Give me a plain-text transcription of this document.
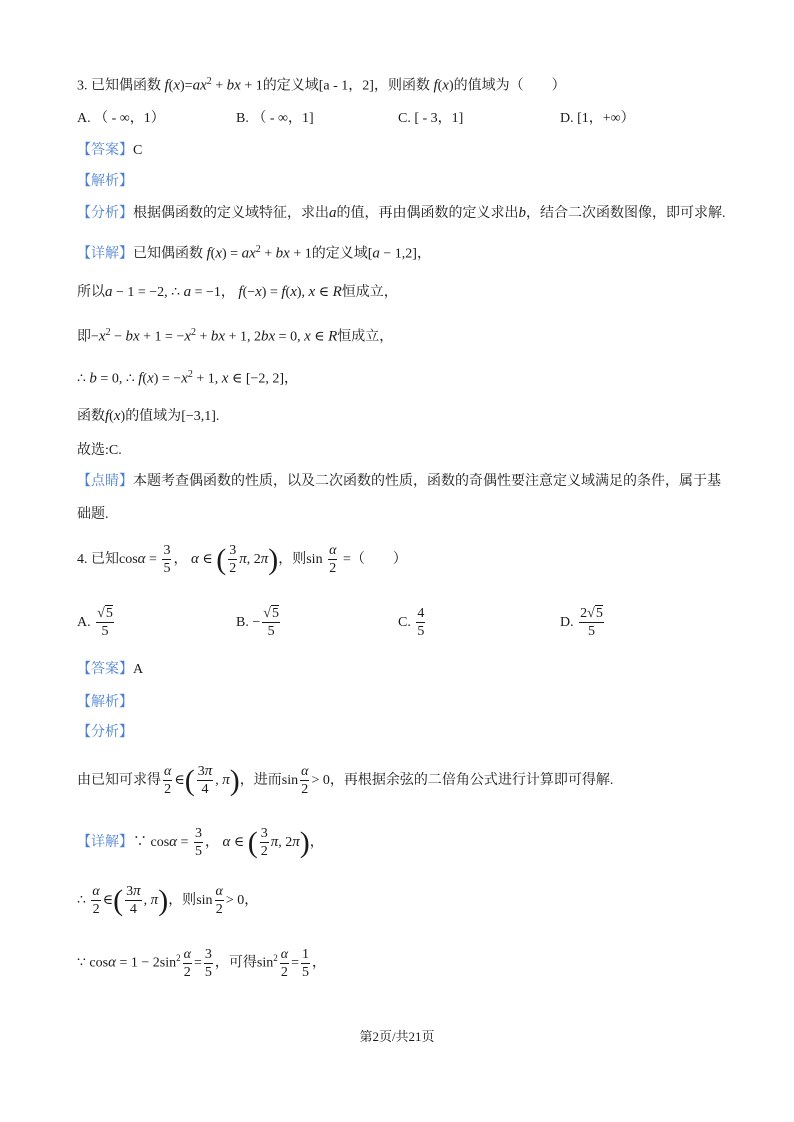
3. 已知偶函数 $f(x)=ax^2$ + bx + 1的定义域[a - 1，2]，则函数 f(x)的值域为（　　）
A. （ - ∞，1）	B. （ - ∞，1]	C. [ - 3，1]	D. [1，+∞）
【答案】C
【解析】
【分析】根据偶函数的定义域特征，求出a的值，再由偶函数的定义求出b，结合二次函数图像，即可求解.
【详解】已知偶函数 $f(x) = ax^2$ + bx + 1的定义域[a − 1,2]，
所以a − 1 = −2, ∴ a = −1， f(−x) = f(x), x ∈ R恒成立，
即$-x^2$ − bx + $1 = -x^2$ + bx + 1, 2bx = 0, x ∈ R恒成立，
∴ b = 0, ∴ $f(x) = -x^2 + 1$, x ∈ [−2, 2]，
函数f(x)的值域为[−3,1].
故选:C.
【点睛】本题考查偶函数的性质，以及二次函数的性质，函数的奇偶性要注意定义域满足的条件，属于基
础题.
4. 已知$\cos\alpha = \frac{3}{5}$ ， α ∈ ( $\frac{3}{2} \pi$, 2π)，则$\sin \frac{\alpha}{2}$ =（　　）
A. $\frac{√5}{5}$	B. − $\frac{√5}{5}$	C. $\frac{4}{5}$	D. $\frac{2√5}{5}$
【答案】A
【解析】
【分析】
由已知可求得 $\frac{\alpha}{2}$ ∈( $\frac{3\pi}{4}$ , π)，进而$\sin \frac{\alpha}{2} > 0$，再根据余弦的二倍角公式进行计算即可得解.
【详解】∵ $\cos\alpha = \frac{3}{5}$ ， α ∈ ( $\frac{3}{2} \pi$, 2π)，
∴ $\frac{\alpha}{2}$ ∈( $\frac{3\pi}{4}$ , π)，则$\sin \frac{\alpha}{2} > 0$，
∵ $\cos\alpha = 1 - 2\sin^2 \frac{\alpha}{2} = \frac{3}{5}$ ，可得$\sin^2 \frac{\alpha}{2} = \frac{1}{5}$ ，
第2页/共21页
